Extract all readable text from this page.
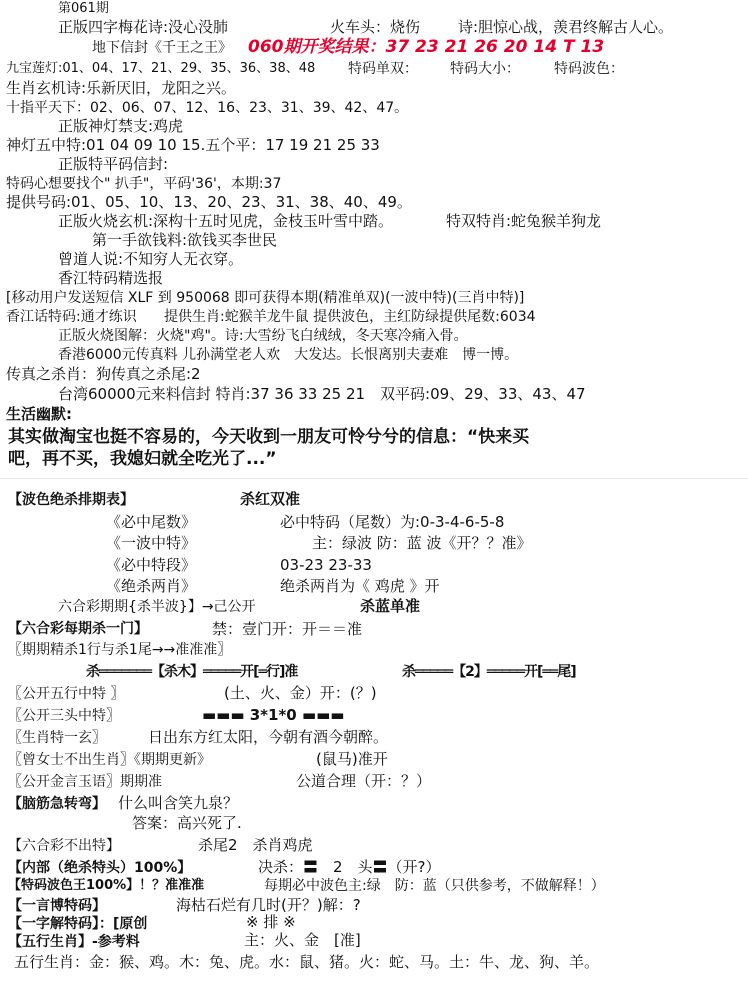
第061期
正版四字梅花诗:没心没肺	火车头：烧伤	诗:胆惊心战，羡君终解古人心。
地下信封《千王之王》 060期开奖结果：37 23 21 26 20 14 T 13
九宝莲灯:01、04、17、21、29、35、36、38、48 特码单双： 特码大小： 特码波色：
生肖玄机诗:乐新厌旧，龙阳之兴。
十指平天下：02、06、07、12、16、23、31、39、42、47。
正版神灯禁支:鸡虎
神灯五中特:01 04 09 10 15.五个平：17 19 21 25 33
正版特平码信封:
特码心想要找个" 扒手"，平码'36'，本期:37
提供号码:01、05、10、13、20、23、31、38、40、49。
正版火烧玄机:深构十五时见虎，金枝玉叶雪中踏。	特双特肖:蛇兔猴羊狗龙
第一手欲钱料:欲钱买李世民
曾道人说:不知穷人无衣穿。
香江特码精选报
[移动用户发送短信 XLF 到 950068 即可获得本期(精准单双)(一波中特)(三肖中特)]
香江话特码:通才练识 提供生肖:蛇猴羊龙牛鼠 提供波色，主红防绿提供尾数:6034
正版火烧图解：火烧"鸡"。诗:大雪纷飞白绒绒，冬天寒冷痛入骨。
香港6000元传真料 儿孙满堂老人欢　大发达。长恨离别夫妻难　博一博。
传真之杀肖：狗传真之杀尾:2
台湾60000元来料信封 特肖:37 36 33 25 21　双平码:09、29、33、43、47
生活幽默:
其实做淘宝也挺不容易的，今天收到一朋友可怜兮兮的信息：“快来买
吧，再不买，我媳妇就全吃光了...”
【波色绝杀排期表】	杀红双准
《必中尾数》	必中特码（尾数）为:0-3-4-6-5-8
《一波中特》	主：绿波 防：蓝 波《开？？准》
《必中特段》	03-23 23-33
《绝杀两肖》	绝杀两肖为《 鸡虎 》开
六合彩期期{杀半波}】→己公开	杀蓝单准
【六合彩每期杀一门】	禁：壹门开：开＝＝准
〖期期精杀1行与杀1尾→→准准准〗
杀═══════【杀木】═════开[═行]准	杀═════【2】═════开[══尾]
〖公开五行中特 〗	(土、火、金）开：(？)
〖公开三头中特〗	▬▬▬ 3*1*0 ▬▬▬
〖生肖特一玄〗	日出东方红太阳，今朝有酒今朝醉。
〖曾女士不出生肖〗《期期更新》	(鼠马)准开
〖公开金言玉语〗期期准	公道合理（开：？）
【脑筋急转弯】 什么叫含笑九泉？
答案：高兴死了.
【六合彩不出特】	杀尾2　杀肖鸡虎
【内部（绝杀特头）100%】	决杀：〓　2　头〓（开?）
【特码波色王100%】！？准准准	每期必中波色主:绿　防：蓝（只供参考，不做解释！）
【一言博特码】	海枯石烂有几时(开？)解：?
【一字解特码】：[原创	※ 排 ※
【五行生肖】-参考料	主：火、金　[准]
五行生肖：金：猴、鸡。木：兔、虎。水：鼠、猪。火：蛇、马。土：牛、龙、狗、羊。
